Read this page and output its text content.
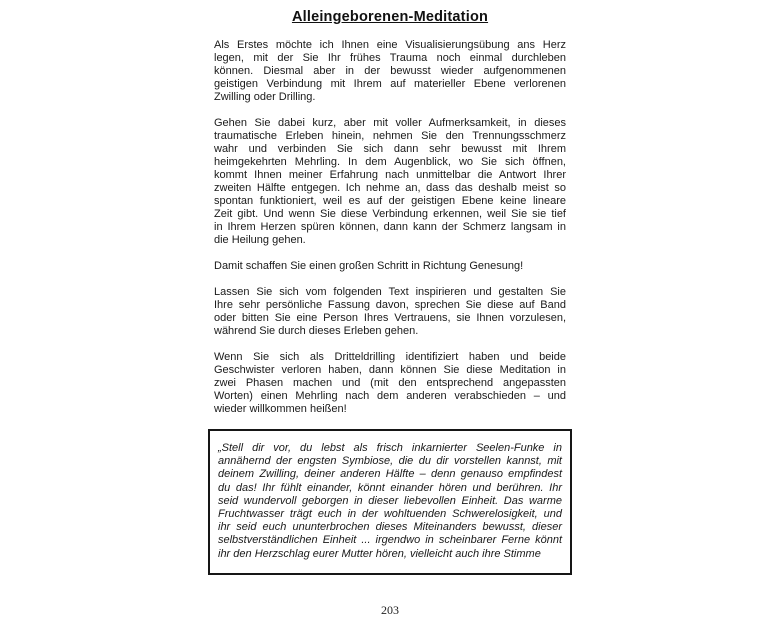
Alleingeborenen-Meditation
Als Erstes möchte ich Ihnen eine Visualisierungsübung ans Herz
legen, mit der Sie Ihr frühes Trauma noch einmal durchleben
können. Diesmal aber in der bewusst wieder aufgenommenen
geistigen Verbindung mit Ihrem auf materieller Ebene verlorenen
Zwilling oder Drilling.
Gehen Sie dabei kurz, aber mit voller Aufmerksamkeit, in dieses
traumatische Erleben hinein, nehmen Sie den Trennungsschmerz
wahr und verbinden Sie sich dann sehr bewusst mit Ihrem
heimgekehrten Mehrling. In dem Augenblick, wo Sie sich öffnen,
kommt Ihnen meiner Erfahrung nach unmittelbar die Antwort Ihrer
zweiten Hälfte entgegen. Ich nehme an, dass das deshalb meist so
spontan funktioniert, weil es auf der geistigen Ebene keine lineare
Zeit gibt. Und wenn Sie diese Verbindung erkennen, weil Sie sie tief
in Ihrem Herzen spüren können, dann kann der Schmerz langsam in
die Heilung gehen.
Damit schaffen Sie einen großen Schritt in Richtung Genesung!
Lassen Sie sich vom folgenden Text inspirieren und gestalten Sie
Ihre sehr persönliche Fassung davon, sprechen Sie diese auf Band
oder bitten Sie eine Person Ihres Vertrauens, sie Ihnen vorzulesen,
während Sie durch dieses Erleben gehen.
Wenn Sie sich als Dritteldrilling identifiziert haben und beide
Geschwister verloren haben, dann können Sie diese Meditation in
zwei Phasen machen und (mit den entsprechend angepassten
Worten) einen Mehrling nach dem anderen verabschieden – und
wieder willkommen heißen!
„Stell dir vor, du lebst als frisch inkarnierter Seelen-Funke in
annähernd der engsten Symbiose, die du dir vorstellen kannst, mit
deinem Zwilling, deiner anderen Hälfte – denn genauso empfindest
du das! Ihr fühlt einander, könnt einander hören und berühren. Ihr
seid wundervoll geborgen in dieser liebevollen Einheit. Das warme
Fruchtwasser trägt euch in der wohltuenden Schwerelosigkeit, und
ihr seid euch ununterbrochen dieses Miteinanders bewusst, dieser
selbstverständlichen Einheit ... irgendwo in scheinbarer Ferne könnt
ihr den Herzschlag eurer Mutter hören, vielleicht auch ihre Stimme
203
